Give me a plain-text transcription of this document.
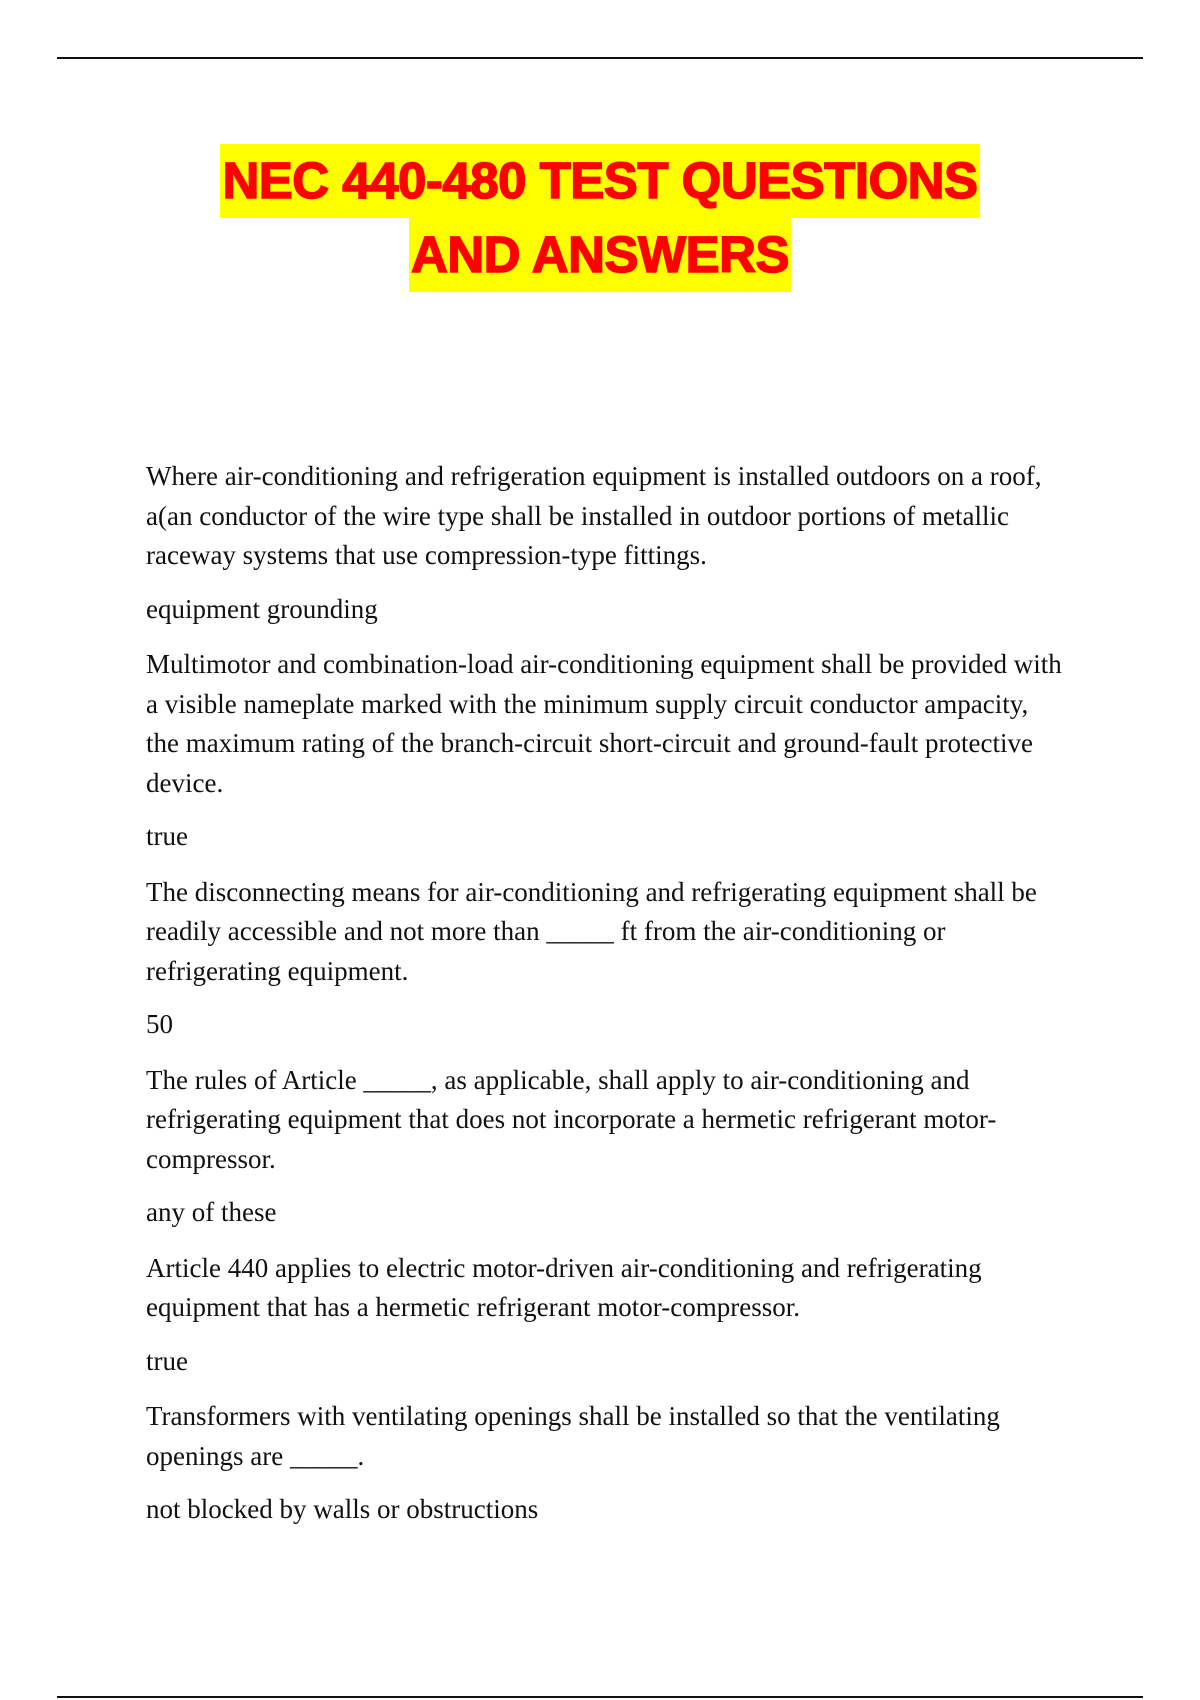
NEC 440-480 TEST QUESTIONS
AND ANSWERS

Where air-conditioning and refrigeration equipment is installed outdoors on a roof, a(an conductor of the wire type shall be installed in outdoor portions of metallic raceway systems that use compression-type fittings.

equipment grounding

Multimotor and combination-load air-conditioning equipment shall be provided with a visible nameplate marked with the minimum supply circuit conductor ampacity, the maximum rating of the branch-circuit short-circuit and ground-fault protective device.

true

The disconnecting means for air-conditioning and refrigerating equipment shall be readily accessible and not more than _____ ft from the air-conditioning or refrigerating equipment.

50

The rules of Article _____, as applicable, shall apply to air-conditioning and refrigerating equipment that does not incorporate a hermetic refrigerant motor-compressor.

any of these

Article 440 applies to electric motor-driven air-conditioning and refrigerating equipment that has a hermetic refrigerant motor-compressor.

true

Transformers with ventilating openings shall be installed so that the ventilating openings are _____.

not blocked by walls or obstructions
